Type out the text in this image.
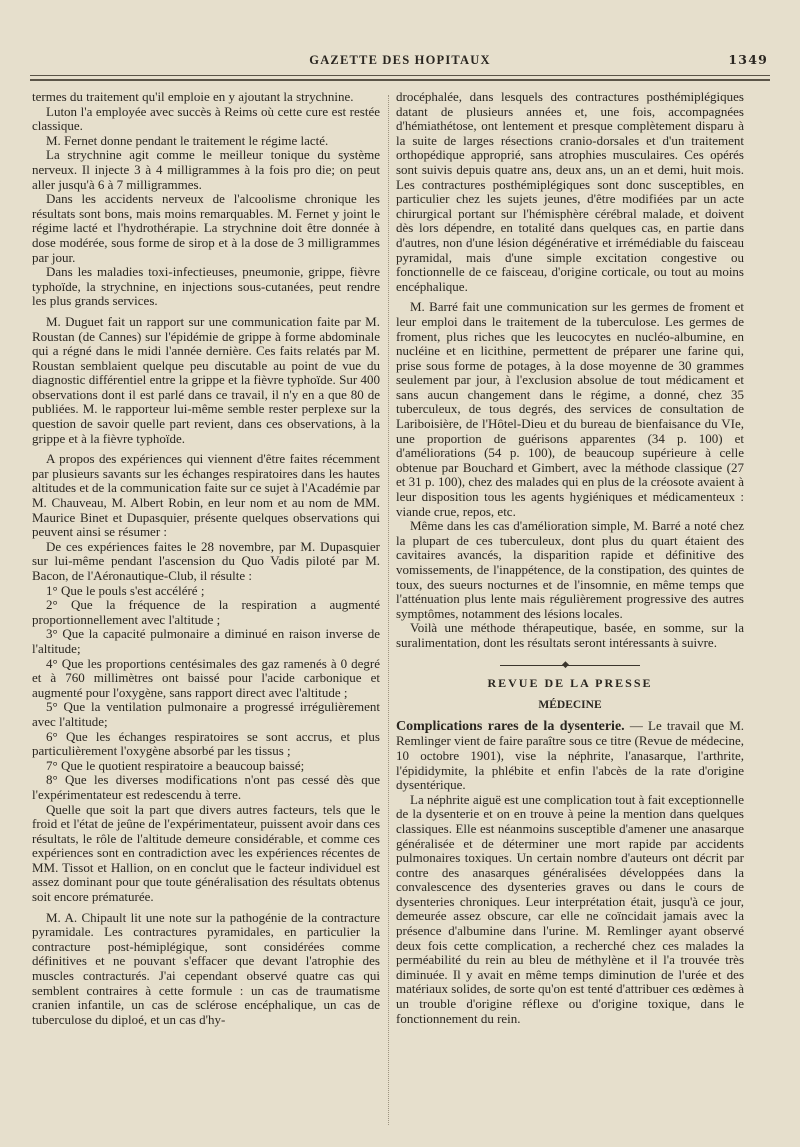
GAZETTE DES HOPITAUX	1349

termes du traitement qu'il emploie en y ajoutant la strychnine.

Luton l'a employée avec succès à Reims où cette cure est restée classique.

M. Fernet donne pendant le traitement le régime lacté.

La strychnine agit comme le meilleur tonique du système nerveux. Il injecte 3 à 4 milligrammes à la fois pro die; on peut aller jusqu'à 6 à 7 milligrammes.

Dans les accidents nerveux de l'alcoolisme chronique les résultats sont bons, mais moins remarquables. M. Fernet y joint le régime lacté et l'hydrothérapie. La strychnine doit être donnée à dose modérée, sous forme de sirop et à la dose de 3 milligrammes par jour.

Dans les maladies toxi-infectieuses, pneumonie, grippe, fièvre typhoïde, la strychnine, en injections sous-cutanées, peut rendre les plus grands services.

M. Duguet fait un rapport sur une communication faite par M. Roustan (de Cannes) sur l'épidémie de grippe à forme abdominale qui a régné dans le midi l'année dernière. Ces faits relatés par M. Roustan semblaient quelque peu discutable au point de vue du diagnostic différentiel entre la grippe et la fièvre typhoïde. Sur 400 observations dont il est parlé dans ce travail, il n'y en a que 80 de publiées. M. le rapporteur lui-même semble rester perplexe sur la question de savoir quelle part revient, dans ces observations, à la grippe et à la fièvre typhoïde.

A propos des expériences qui viennent d'être faites récemment par plusieurs savants sur les échanges respiratoires dans les hautes altitudes et de la communication faite sur ce sujet à l'Académie par M. Chauveau, M. Albert Robin, en leur nom et au nom de MM. Maurice Binet et Dupasquier, présente quelques observations qui peuvent ainsi se résumer :

De ces expériences faites le 28 novembre, par M. Dupasquier sur lui-même pendant l'ascension du Quo Vadis piloté par M. Bacon, de l'Aéronautique-Club, il résulte :

1° Que le pouls s'est accéléré ;

2° Que la fréquence de la respiration a augmenté proportionnellement avec l'altitude ;

3° Que la capacité pulmonaire a diminué en raison inverse de l'altitude;

4° Que les proportions centésimales des gaz ramenés à 0 degré et à 760 millimètres ont baissé pour l'acide carbonique et augmenté pour l'oxygène, sans rapport direct avec l'altitude ;

5° Que la ventilation pulmonaire a progressé irrégulièrement avec l'altitude;

6° Que les échanges respiratoires se sont accrus, et plus particulièrement l'oxygène absorbé par les tissus ;

7° Que le quotient respiratoire a beaucoup baissé;

8° Que les diverses modifications n'ont pas cessé dès que l'expérimentateur est redescendu à terre.

Quelle que soit la part que divers autres facteurs, tels que le froid et l'état de jeûne de l'expérimentateur, puissent avoir dans ces résultats, le rôle de l'altitude demeure considérable, et comme ces expériences sont en contradiction avec les expériences récentes de MM. Tissot et Hallion, on en conclut que le facteur individuel est assez dominant pour que toute généralisation des résultats obtenus soit encore prématurée.

M. A. Chipault lit une note sur la pathogénie de la contracture pyramidale. Les contractures pyramidales, en particulier la contracture post-hémiplégique, sont considérées comme définitives et ne pouvant s'effacer que devant l'atrophie des muscles contracturés. J'ai cependant observé quatre cas qui semblent contraires à cette formule : un cas de traumatisme cranien infantile, un cas de sclérose encéphalique, un cas de tuberculose du diploé, et un cas d'hy-

drocéphalée, dans lesquels des contractures posthémiplégiques datant de plusieurs années et, une fois, accompagnées d'hémiathétose, ont lentement et presque complètement disparu à la suite de larges résections cranio-dorsales et d'un traitement orthopédique approprié, sans atrophies musculaires. Ces opérés sont suivis depuis quatre ans, deux ans, un an et demi, huit mois. Les contractures posthémiplégiques sont donc susceptibles, en particulier chez les sujets jeunes, d'être modifiées par un acte chirurgical portant sur l'hémisphère cérébral malade, et doivent dès lors dépendre, en totalité dans quelques cas, en partie dans d'autres, non d'une lésion dégénérative et irrémédiable du faisceau pyramidal, mais d'une simple excitation congestive ou fonctionnelle de ce faisceau, d'origine corticale, ou tout au moins encéphalique.

M. Barré fait une communication sur les germes de froment et leur emploi dans le traitement de la tuberculose. Les germes de froment, plus riches que les leucocytes en nucléo-albumine, en nucléine et en licithine, permettent de préparer une farine qui, prise sous forme de potages, à la dose moyenne de 30 grammes seulement par jour, à l'exclusion absolue de tout médicament et sans aucun changement dans le régime, a donné, chez 35 tuberculeux, de tous degrés, des services de consultation de Lariboisière, de l'Hôtel-Dieu et du bureau de bienfaisance du VIe, une proportion de guérisons apparentes (34 p. 100) et d'améliorations (54 p. 100), de beaucoup supérieure à celle obtenue par Bouchard et Gimbert, avec la méthode classique (27 et 31 p. 100), chez des malades qui en plus de la créosote avaient à leur disposition tous les agents hygiéniques et médicamenteux : viande crue, repos, etc.

Même dans les cas d'amélioration simple, M. Barré a noté chez la plupart de ces tuberculeux, dont plus du quart étaient des cavitaires avancés, la disparition rapide et définitive des vomissements, de l'inappétence, de la constipation, des quintes de toux, des sueurs nocturnes et de l'insomnie, en même temps que l'atténuation plus lente mais régulièrement progressive des autres symptômes, notamment des lésions locales.

Voilà une méthode thérapeutique, basée, en somme, sur la suralimentation, dont les résultats seront intéressants à suivre.

◆
REVUE DE LA PRESSE
MÉDECINE

Complications rares de la dysenterie. — Le travail que M. Remlinger vient de faire paraître sous ce titre (Revue de médecine, 10 octobre 1901), vise la néphrite, l'anasarque, l'arthrite, l'épididymite, la phlébite et enfin l'abcès de la rate d'origine dysentérique.

La néphrite aiguë est une complication tout à fait exceptionnelle de la dysenterie et on en trouve à peine la mention dans quelques classiques. Elle est néanmoins susceptible d'amener une anasarque généralisée et de déterminer une mort rapide par accidents pulmonaires toxiques. Un certain nombre d'auteurs ont décrit par contre des anasarques généralisées développées dans la convalescence des dysenteries graves ou dans le cours de dysenteries chroniques. Leur interprétation était, jusqu'à ce jour, demeurée assez obscure, car elle ne coïncidait jamais avec la présence d'albumine dans l'urine. M. Remlinger ayant observé deux fois cette complication, a recherché chez ces malades la perméabilité du rein au bleu de méthylène et il l'a trouvée très diminuée. Il y avait en même temps diminution de l'urée et des matériaux solides, de sorte qu'on est tenté d'attribuer ces œdèmes à un trouble d'origine réflexe ou d'origine toxique, dans le fonctionnement du rein.
